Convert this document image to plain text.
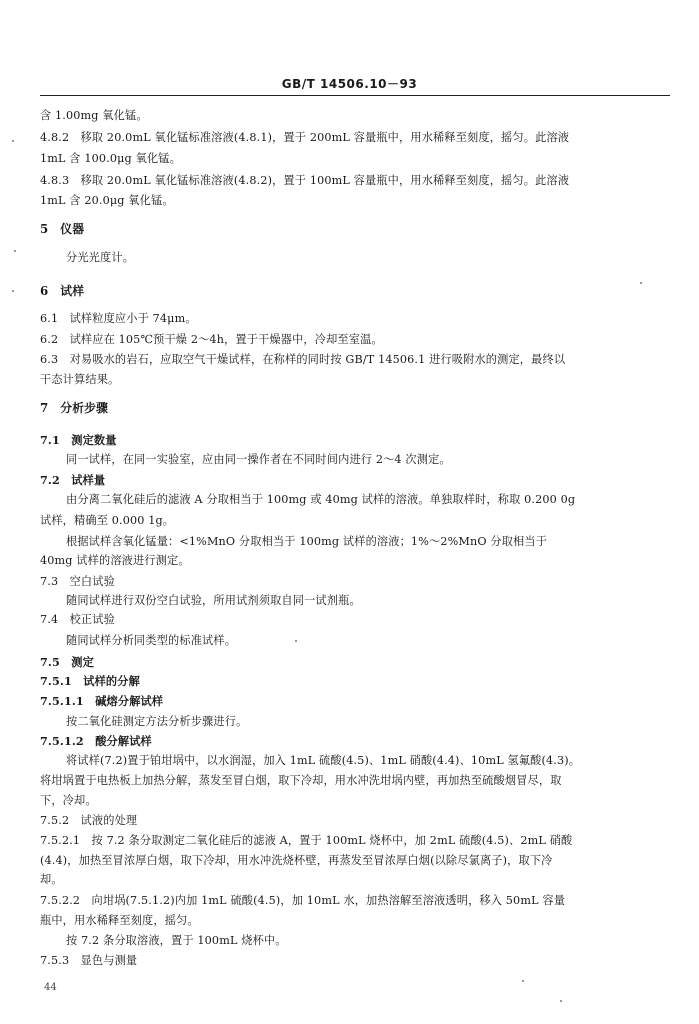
GB/T 14506.10－93
含 1.00mg 氧化锰。
4.8.2　移取 20.0mL 氧化锰标准溶液(4.8.1)，置于 200mL 容量瓶中，用水稀释至刻度，摇匀。此溶液
1mL 含 100.0μg 氧化锰。
4.8.3　移取 20.0mL 氧化锰标准溶液(4.8.2)，置于 100mL 容量瓶中，用水稀释至刻度，摇匀。此溶液
1mL 含 20.0μg 氧化锰。
5　仪器
分光光度计。
6　试样
6.1　试样粒度应小于 74μm。
6.2　试样应在 105℃预干燥 2～4h，置于干燥器中，冷却至室温。
6.3　对易吸水的岩石，应取空气干燥试样，在称样的同时按 GB/T 14506.1 进行吸附水的测定，最终以
干态计算结果。
7　分析步骤
7.1　测定数量
同一试样，在同一实验室，应由同一操作者在不同时间内进行 2～4 次测定。
7.2　试样量
由分离二氧化硅后的滤液 A 分取相当于 100mg 或 40mg 试样的溶液。单独取样时，称取 0.200 0g
试样，精确至 0.000 1g。
根据试样含氧化锰量：<1%MnO 分取相当于 100mg 试样的溶液；1%～2%MnO 分取相当于
40mg 试样的溶液进行测定。
7.3　空白试验
随同试样进行双份空白试验，所用试剂须取自同一试剂瓶。
7.4　校正试验
随同试样分析同类型的标准试样。
7.5　测定
7.5.1　试样的分解
7.5.1.1　碱熔分解试样
按二氧化硅测定方法分析步骤进行。
7.5.1.2　酸分解试样
将试样(7.2)置于铂坩埚中，以水润湿，加入 1mL 硫酸(4.5)、1mL 硝酸(4.4)、10mL 氢氟酸(4.3)。
将坩埚置于电热板上加热分解，蒸发至冒白烟，取下冷却，用水冲洗坩埚内壁，再加热至硫酸烟冒尽，取
下，冷却。
7.5.2　试液的处理
7.5.2.1　按 7.2 条分取测定二氧化硅后的滤液 A，置于 100mL 烧杯中，加 2mL 硫酸(4.5)、2mL 硝酸
(4.4)，加热至冒浓厚白烟，取下冷却，用水冲洗烧杯壁，再蒸发至冒浓厚白烟(以除尽氯离子)，取下冷
却。
7.5.2.2　向坩埚(7.5.1.2)内加 1mL 硫酸(4.5)，加 10mL 水，加热溶解至溶液透明，移入 50mL 容量
瓶中，用水稀释至刻度，摇匀。
按 7.2 条分取溶液，置于 100mL 烧杯中。
7.5.3　显色与测量
44
